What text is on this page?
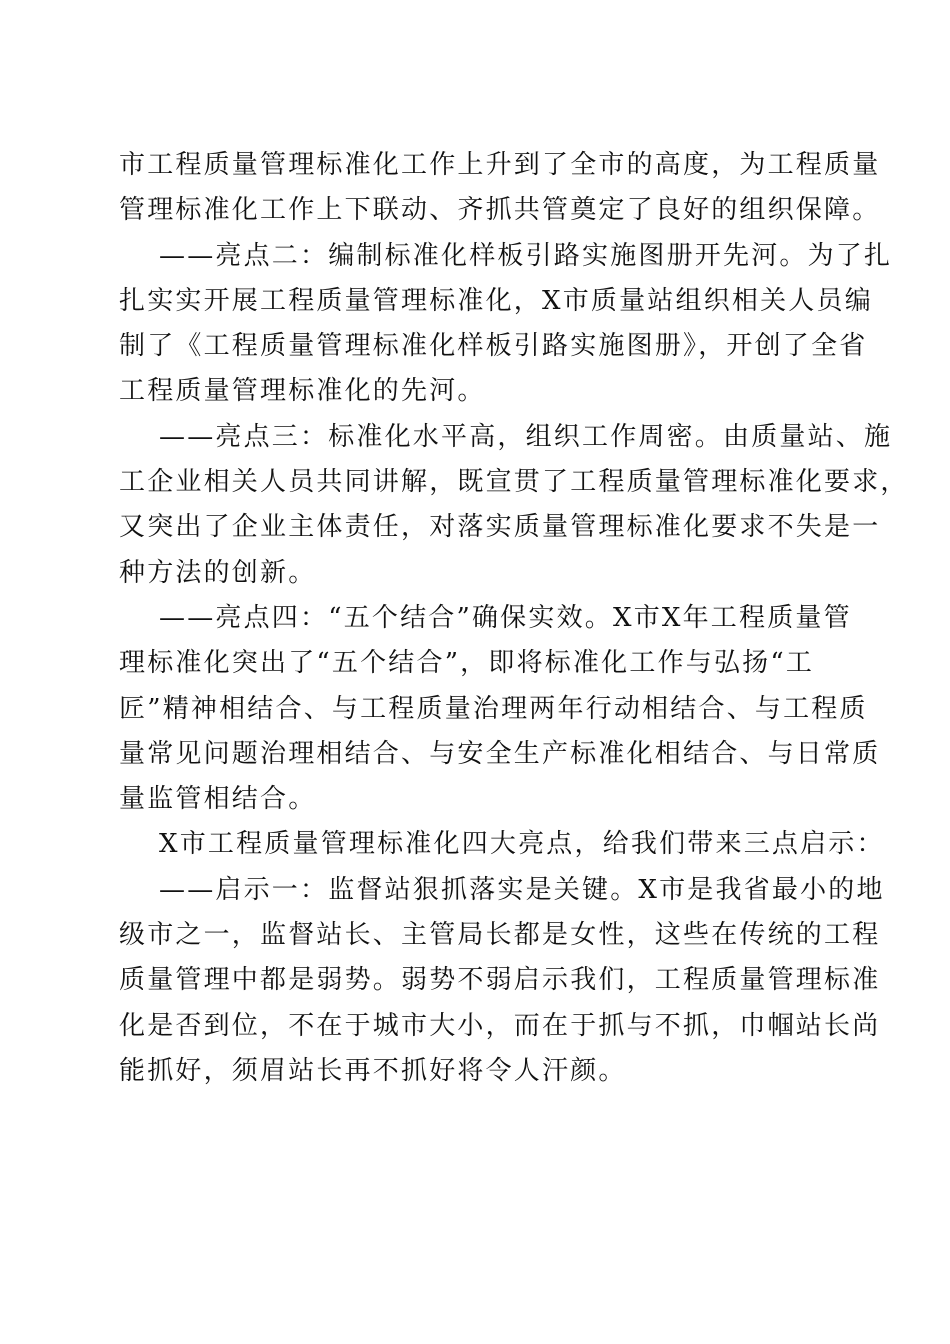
市工程质量管理标准化工作上升到了全市的高度，为工程质量
管理标准化工作上下联动、齐抓共管奠定了良好的组织保障。
——亮点二：编制标准化样板引路实施图册开先河。为了扎
扎实实开展工程质量管理标准化，X市质量站组织相关人员编
制了《工程质量管理标准化样板引路实施图册》，开创了全省
工程质量管理标准化的先河。
——亮点三：标准化水平高，组织工作周密。由质量站、施
工企业相关人员共同讲解，既宣贯了工程质量管理标准化要求，
又突出了企业主体责任，对落实质量管理标准化要求不失是一
种方法的创新。
——亮点四：“五个结合”确保实效。X市X年工程质量管
理标准化突出了“五个结合”，即将标准化工作与弘扬“工
匠”精神相结合、与工程质量治理两年行动相结合、与工程质
量常见问题治理相结合、与安全生产标准化相结合、与日常质
量监管相结合。
X市工程质量管理标准化四大亮点，给我们带来三点启示：
——启示一：监督站狠抓落实是关键。X市是我省最小的地
级市之一，监督站长、主管局长都是女性，这些在传统的工程
质量管理中都是弱势。弱势不弱启示我们，工程质量管理标准
化是否到位，不在于城市大小，而在于抓与不抓，巾帼站长尚
能抓好，须眉站长再不抓好将令人汗颜。
